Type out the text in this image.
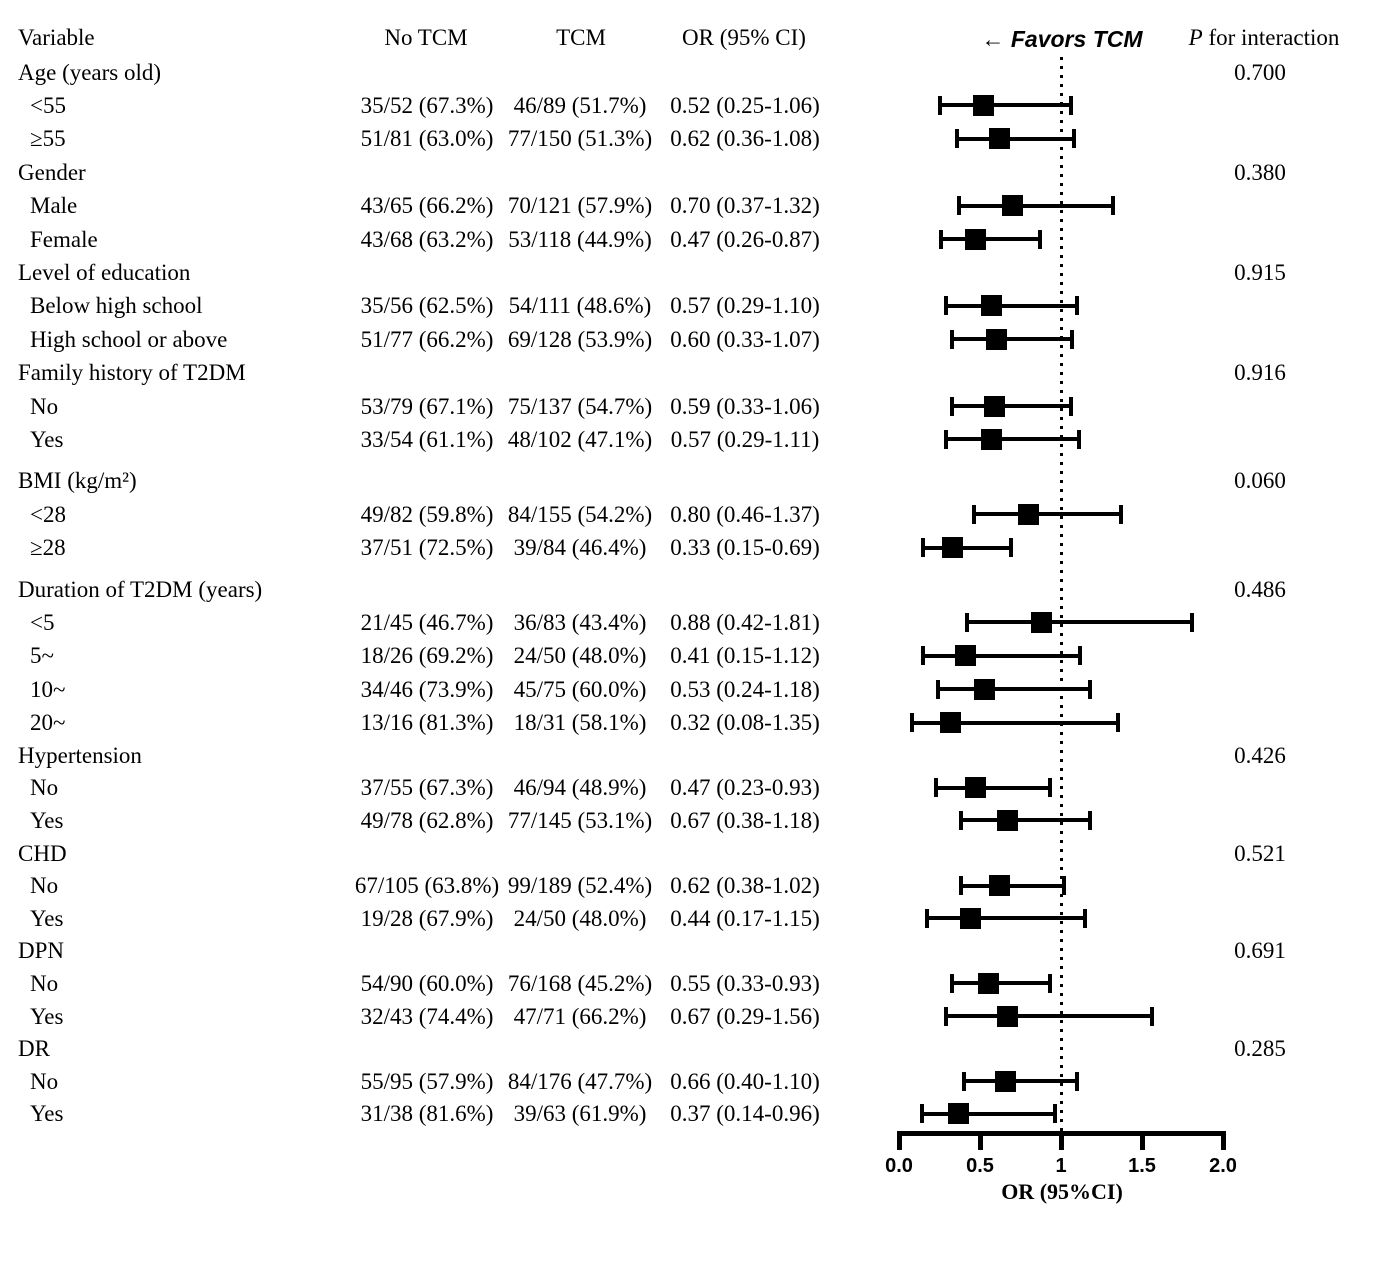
Variable	No TCM	TCM	OR (95% CI)	← Favors TCM P for interaction
Age (years old)	0.700
<55	35/52 (67.3%) 46/89 (51.7%) 0.52 (0.25-1.06)
≥55	51/81 (63.0%) 77/150 (51.3%) 0.62 (0.36-1.08)
Gender	0.380
Male	43/65 (66.2%) 70/121 (57.9%) 0.70 (0.37-1.32)
Female	43/68 (63.2%) 53/118 (44.9%) 0.47 (0.26-0.87)
Level of education	0.915
Below high school	35/56 (62.5%) 54/111 (48.6%) 0.57 (0.29-1.10)
High school or above	51/77 (66.2%) 69/128 (53.9%) 0.60 (0.33-1.07)
Family history of T2DM	0.916
No	53/79 (67.1%) 75/137 (54.7%) 0.59 (0.33-1.06)
Yes	33/54 (61.1%) 48/102 (47.1%) 0.57 (0.29-1.11)
BMI (kg/m²)	0.060
<28	49/82 (59.8%) 84/155 (54.2%) 0.80 (0.46-1.37)
≥28	37/51 (72.5%) 39/84 (46.4%) 0.33 (0.15-0.69)
Duration of T2DM (years)	0.486
<5	21/45 (46.7%) 36/83 (43.4%) 0.88 (0.42-1.81)
5~	18/26 (69.2%) 24/50 (48.0%) 0.41 (0.15-1.12)
10~	34/46 (73.9%) 45/75 (60.0%) 0.53 (0.24-1.18)
20~	13/16 (81.3%) 18/31 (58.1%) 0.32 (0.08-1.35)
Hypertension	0.426
No	37/55 (67.3%) 46/94 (48.9%) 0.47 (0.23-0.93)
Yes	49/78 (62.8%) 77/145 (53.1%) 0.67 (0.38-1.18)
CHD	0.521
No	67/105 (63.8%) 99/189 (52.4%) 0.62 (0.38-1.02)
Yes	19/28 (67.9%) 24/50 (48.0%) 0.44 (0.17-1.15)
DPN	0.691
No	54/90 (60.0%) 76/168 (45.2%) 0.55 (0.33-0.93)
Yes	32/43 (74.4%) 47/71 (66.2%) 0.67 (0.29-1.56)
DR	0.285
No	55/95 (57.9%) 84/176 (47.7%) 0.66 (0.40-1.10)
Yes	31/38 (81.6%) 39/63 (61.9%) 0.37 (0.14-0.96)
0.0	0.5	1	1.5	2.0
OR (95%CI)
